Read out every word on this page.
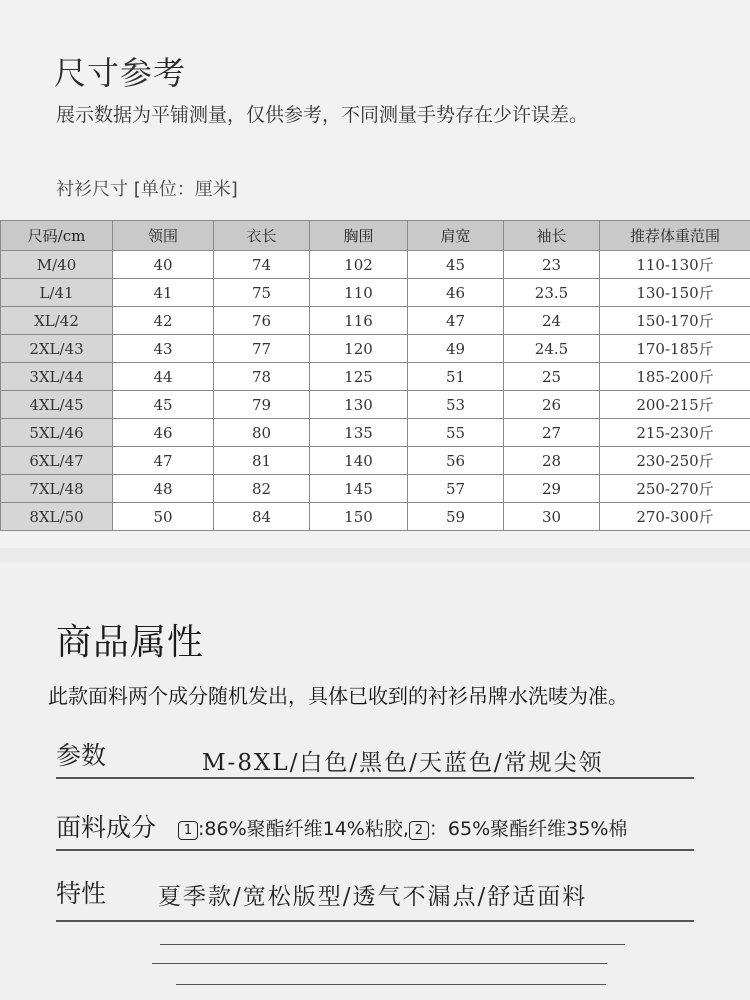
尺寸参考

展示数据为平铺测量，仅供参考，不同测量手势存在少许误差。

衬衫尺寸 [单位：厘米]

尺码/cm	领围	衣长	胸围	肩宽	袖长	推荐体重范围
M/40	40	74	102	45	23	110-130斤
L/41	41	75	110	46	23.5	130-150斤
XL/42	42	76	116	47	24	150-170斤
2XL/43	43	77	120	49	24.5	170-185斤
3XL/44	44	78	125	51	25	185-200斤
4XL/45	45	79	130	53	26	200-215斤
5XL/46	46	80	135	55	27	215-230斤
6XL/47	47	81	140	56	28	230-250斤
7XL/48	48	82	145	57	29	250-270斤
8XL/50	50	84	150	59	30	270-300斤
商品属性

此款面料两个成分随机发出，具体已收到的衬衫吊牌水洗唛为准。

参数	M-8XL/白色/黑色/天蓝色/常规尖领
面料成分	1 :86%聚酯纤维14%粘胶, 2 ：65%聚酯纤维35%棉
特性 夏季款/宽松版型/透气不漏点/舒适面料
